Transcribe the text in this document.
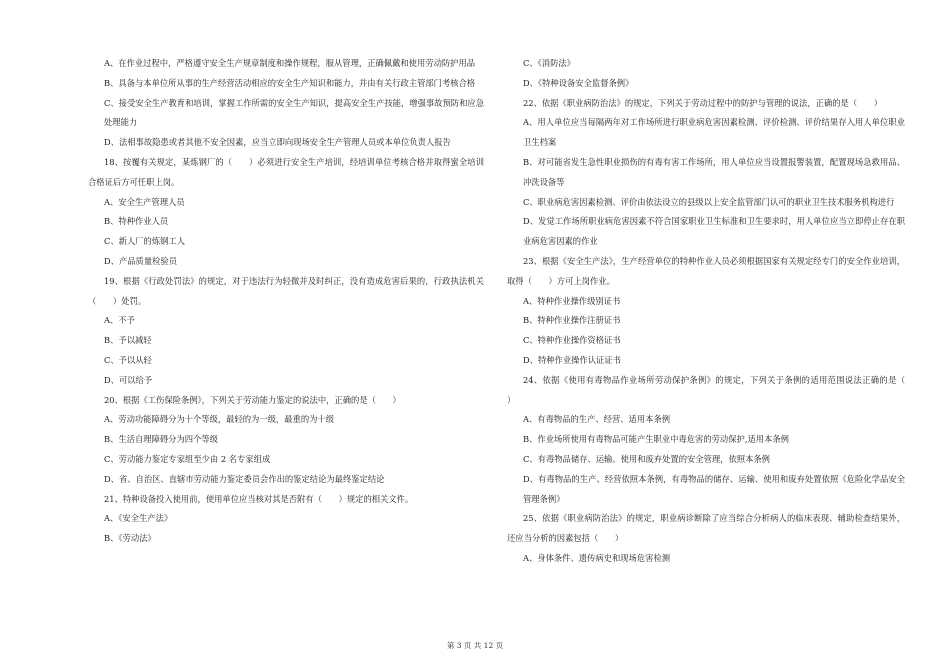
A、在作业过程中，严格遵守安全生产规章制度和操作规程，服从管理，正确佩戴和使用劳动防护用品

B、具备与本单位所从事的生产经营活动相应的安全生产知识和能力，并由有关行政主管部门考核合格

C、接受安全生产教育和培训，掌握工作所需的安全生产知识，提高安全生产技能，增强事故预防和应急处理能力

D、法相事故隐患或者其他不安全因素，应当立即向现场安全生产管理人员或本单位负责人报告

18、按覆有关规定，某炼钢厂的（　　）必须进行安全生产培训，经培训单位考核合格并取得蜜全培训合格证后方可任职上岗。

A、安全生产管理人员

B、特种作业人员

C、新人厂的炼钢工人

D、产品质量检验员

19、根据《行政处罚法》的规定，对于违法行为轻微并及时纠正，没有造成危害后果的，行政执法机关（　　）处罚。

A、不予

B、予以减轻

C、予以从轻

D、可以给予

20、根据《工伤保险条例》，下列关于劳动能力鉴定的说法中，正确的是（　　）

A、劳动功能障碍分为十个等级，最轻的为一级，最重的为十级

B、生活自理障碍分为四个等级

C、劳动能力鉴定专家组至少由 2 名专家组成

D、省、自治区、直辖市劳动能力鉴定委员会作出的鉴定结论为最终鉴定结论

21、特种设备投入使用前，使用单位应当核对其是否附有（　　）规定的相关文件。

A、《安全生产法》

B、《劳动法》

C、《消防法》

D、《特种设备安全监督条例》

22、依据《职业病防治法》的规定，下列关于劳动过程中的防护与管理的说法，正确的是（　　）

A、用人单位应当每隔两年对工作场所进行职业病危害因素检测、评价检测、评价结果存入用人单位职业卫生档案

B、对可能省发生急性职业损伤的有毒有害工作场所，用人单位应当设置报警装置，配置现场急救用品、冲洗设备等

C、职业病危害因素检测、评价由依法设立的县级以上安全监管部门认可的职业卫生技术服务机构进行

D、发觉工作场所职业病危害因素不符合国家职业卫生标准和卫生要求时，用人单位应当立即停止存在职业病危害因素的作业

23、根据《安全生产法》，生产经营单位的特种作业人员必须根据国家有关规定经专门的安全作业培训，取得（　　）方可上岗作业。

A、特种作业操作级别证书

B、特种作业操作注册证书

C、特种作业操作资格证书

D、特种作业操作认证证书

24、依据《使用有毒物品作业场所劳动保护条例》的规定，下列关于条例的适用范围说法正确的是（　　）

A、有毒物品的生产、经营、适用本条例

B、作业场所使用有毒物品可能产生职业中毒危害的劳动保护,适用本条例

C、有毒物品储存、运输、使用和废弃处置的安全管理，依照本条例

D、有毒物品的生产、经营依照本条例，有毒物品的储存、运输、使用和废弃处置依照《危险化学品安全管理条例》

25、依据《职业病防治法》的规定，职业病诊断除了应当综合分析病人的临床表现、辅助检查结果外，还应当分析的因素包括（　　）

A、身体条件、遗传病史和现场危害检测

第 3 页 共 12 页
